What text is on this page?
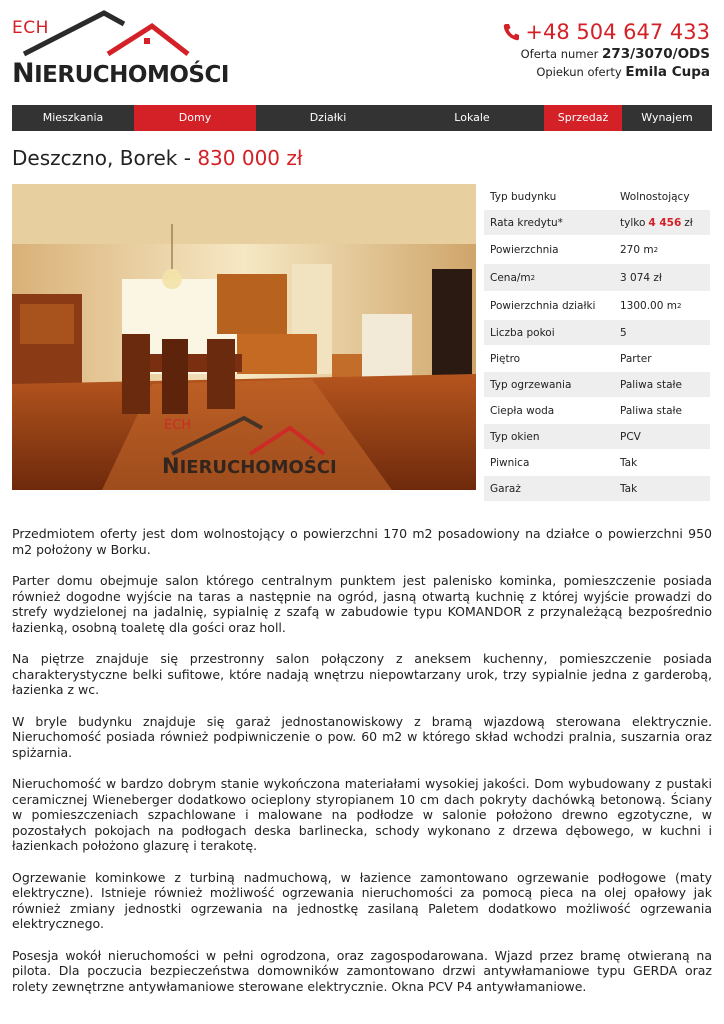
ECH
NIERUCHOMOŚCI
+48 504 647 433
Oferta numer 273/3070/ODS
Opiekun oferty Emila Cupa
Mieszkania	Domy	Działki	Lokale	Sprzedaż	Wynajem
Deszczno, Borek - 830 000 zł
ECH
NIERUCHOMOŚCI
Typ budynku	Wolnostojący
Rata kredytu*	tylko 4 456 zł
Powierzchnia	270 m 2
Cena/m 2	3 074 zł
Powierzchnia działki	1300.00 m 2
Liczba pokoi	5
Piętro	Parter
Typ ogrzewania	Paliwa stałe
Ciepła woda	Paliwa stałe
Typ okien	PCV
Piwnica	Tak
Garaż	Tak

Przedmiotem oferty jest dom wolnostojący o powierzchni 170 m2 posadowiony na działce o powierzchni 950 m2 położony w Borku.

Parter domu obejmuje salon którego centralnym punktem jest palenisko kominka, pomieszczenie posiada również dogodne wyjście na taras a następnie na ogród, jasną otwartą kuchnię z której wyjście prowadzi do strefy wydzielonej na jadalnię, sypialnię z szafą w zabudowie typu KOMANDOR z przynależącą bezpośrednio łazienką, osobną toaletę dla gości oraz holl.

Na piętrze znajduje się przestronny salon połączony z aneksem kuchenny, pomieszczenie posiada charakterystyczne belki sufitowe, które nadają wnętrzu niepowtarzany urok, trzy sypialnie jedna z garderobą, łazienka z wc.

W bryle budynku znajduje się garaż jednostanowiskowy z bramą wjazdową sterowana elektrycznie. Nieruchomość posiada również podpiwniczenie o pow. 60 m2 w którego skład wchodzi pralnia, suszarnia oraz spiżarnia.

Nieruchomość w bardzo dobrym stanie wykończona materiałami wysokiej jakości. Dom wybudowany z pustaki ceramicznej Wieneberger dodatkowo ocieplony styropianem 10 cm dach pokryty dachówką betonową. Ściany w pomieszczeniach szpachlowane i malowane na podłodze w salonie położono drewno egzotyczne, w pozostałych pokojach na podłogach deska barlinecka, schody wykonano z drzewa dębowego, w kuchni i łazienkach położono glazurę i terakotę.

Ogrzewanie kominkowe z turbiną nadmuchową, w łazience zamontowano ogrzewanie podłogowe (maty elektryczne). Istnieje również możliwość ogrzewania nieruchomości za pomocą pieca na olej opałowy jak również zmiany jednostki ogrzewania na jednostkę zasilaną Paletem dodatkowo możliwość ogrzewania elektrycznego.

Posesja wokół nieruchomości w pełni ogrodzona, oraz zagospodarowana. Wjazd przez bramę otwieraną na pilota. Dla poczucia bezpieczeństwa domowników zamontowano drzwi antywłamaniowe typu GERDA oraz rolety zewnętrzne antywłamaniowe sterowane elektrycznie. Okna PCV P4 antywłamaniowe.
